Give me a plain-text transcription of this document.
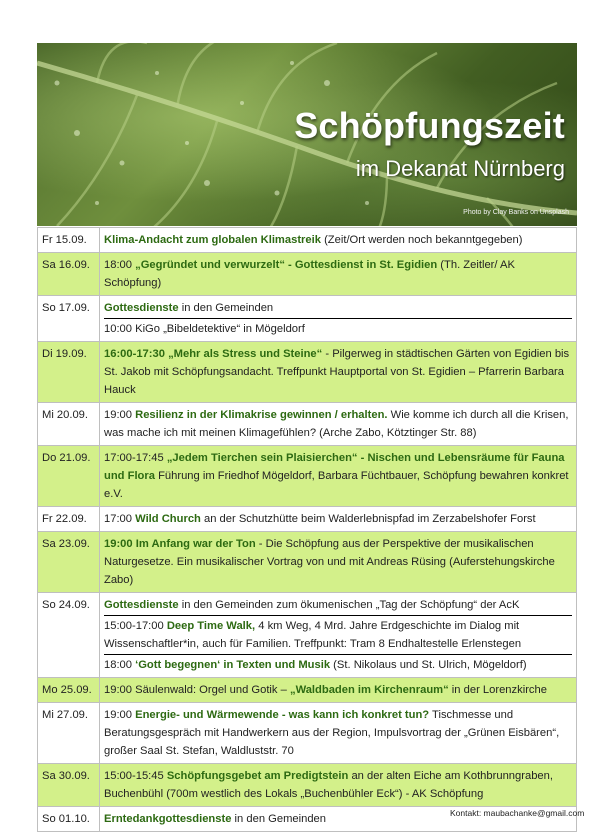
Schöpfungszeit
im Dekanat Nürnberg
Photo by Clay Banks on Unsplash
Fr 15.09.	Klima-Andacht zum globalen Klimastreik (Zeit/Ort werden noch bekanntgegeben)

Sa 16.09.	18:00 „Gegründet und verwurzelt“ - Gottesdienst in St. Egidien (Th. Zeitler/ AK Schöpfung)

So 17.09.	Gottesdienste in den Gemeinden
10:00 KiGo „Bibeldetektive“ in Mögeldorf

Di 19.09.	16:00-17:30 „Mehr als Stress und Steine“ - Pilgerweg in städtischen Gärten von Egidien bis St. Jakob mit Schöpfungsandacht. Treffpunkt Hauptportal von St. Egidien – Pfarrerin Barbara Hauck

Mi 20.09.	19:00 Resilienz in der Klimakrise gewinnen / erhalten. Wie komme ich durch all die Krisen, was mache ich mit meinen Klimagefühlen? (Arche Zabo, Kötztinger Str. 88)

Do 21.09.	17:00-17:45 „Jedem Tierchen sein Plaisierchen“ - Nischen und Lebensräume für Fauna und Flora Führung im Friedhof Mögeldorf, Barbara Füchtbauer, Schöpfung bewahren konkret e.V.

Fr 22.09.	17:00 Wild Church an der Schutzhütte beim Walderlebnispfad im Zerzabelshofer Forst

Sa 23.09.	19:00 Im Anfang war der Ton - Die Schöpfung aus der Perspektive der musikalischen Naturgesetze. Ein musikalischer Vortrag von und mit Andreas Rüsing (Auferstehungskirche Zabo)

So 24.09.	Gottesdienste in den Gemeinden zum ökumenischen „Tag der Schöpfung“ der AcK
15:00-17:00 Deep Time Walk, 4 km Weg, 4 Mrd. Jahre Erdgeschichte im Dialog mit Wissenschaftler*in, auch für Familien. Treffpunkt: Tram 8 Endhaltestelle Erlenstegen
18:00 ‘Gott begegnen‘ in Texten und Musik (St. Nikolaus und St. Ulrich, Mögeldorf)

Mo 25.09.	19:00 Säulenwald: Orgel und Gotik – „Waldbaden im Kirchenraum“ in der Lorenzkirche

Mi 27.09.	19:00 Energie- und Wärmewende - was kann ich konkret tun? Tischmesse und Beratungsgespräch mit Handwerkern aus der Region, Impulsvortrag der „Grünen Eisbären“, großer Saal St. Stefan, Waldluststr. 70

Sa 30.09.	15:00-15:45 Schöpfungsgebet am Predigtstein an der alten Eiche am Kothbrunngraben, Buchenbühl (700m westlich des Lokals „Buchenbühler Eck“) - AK Schöpfung

So 01.10.	Erntedankgottesdienste in den Gemeinden	Kontakt: maubachanke@gmail.com
